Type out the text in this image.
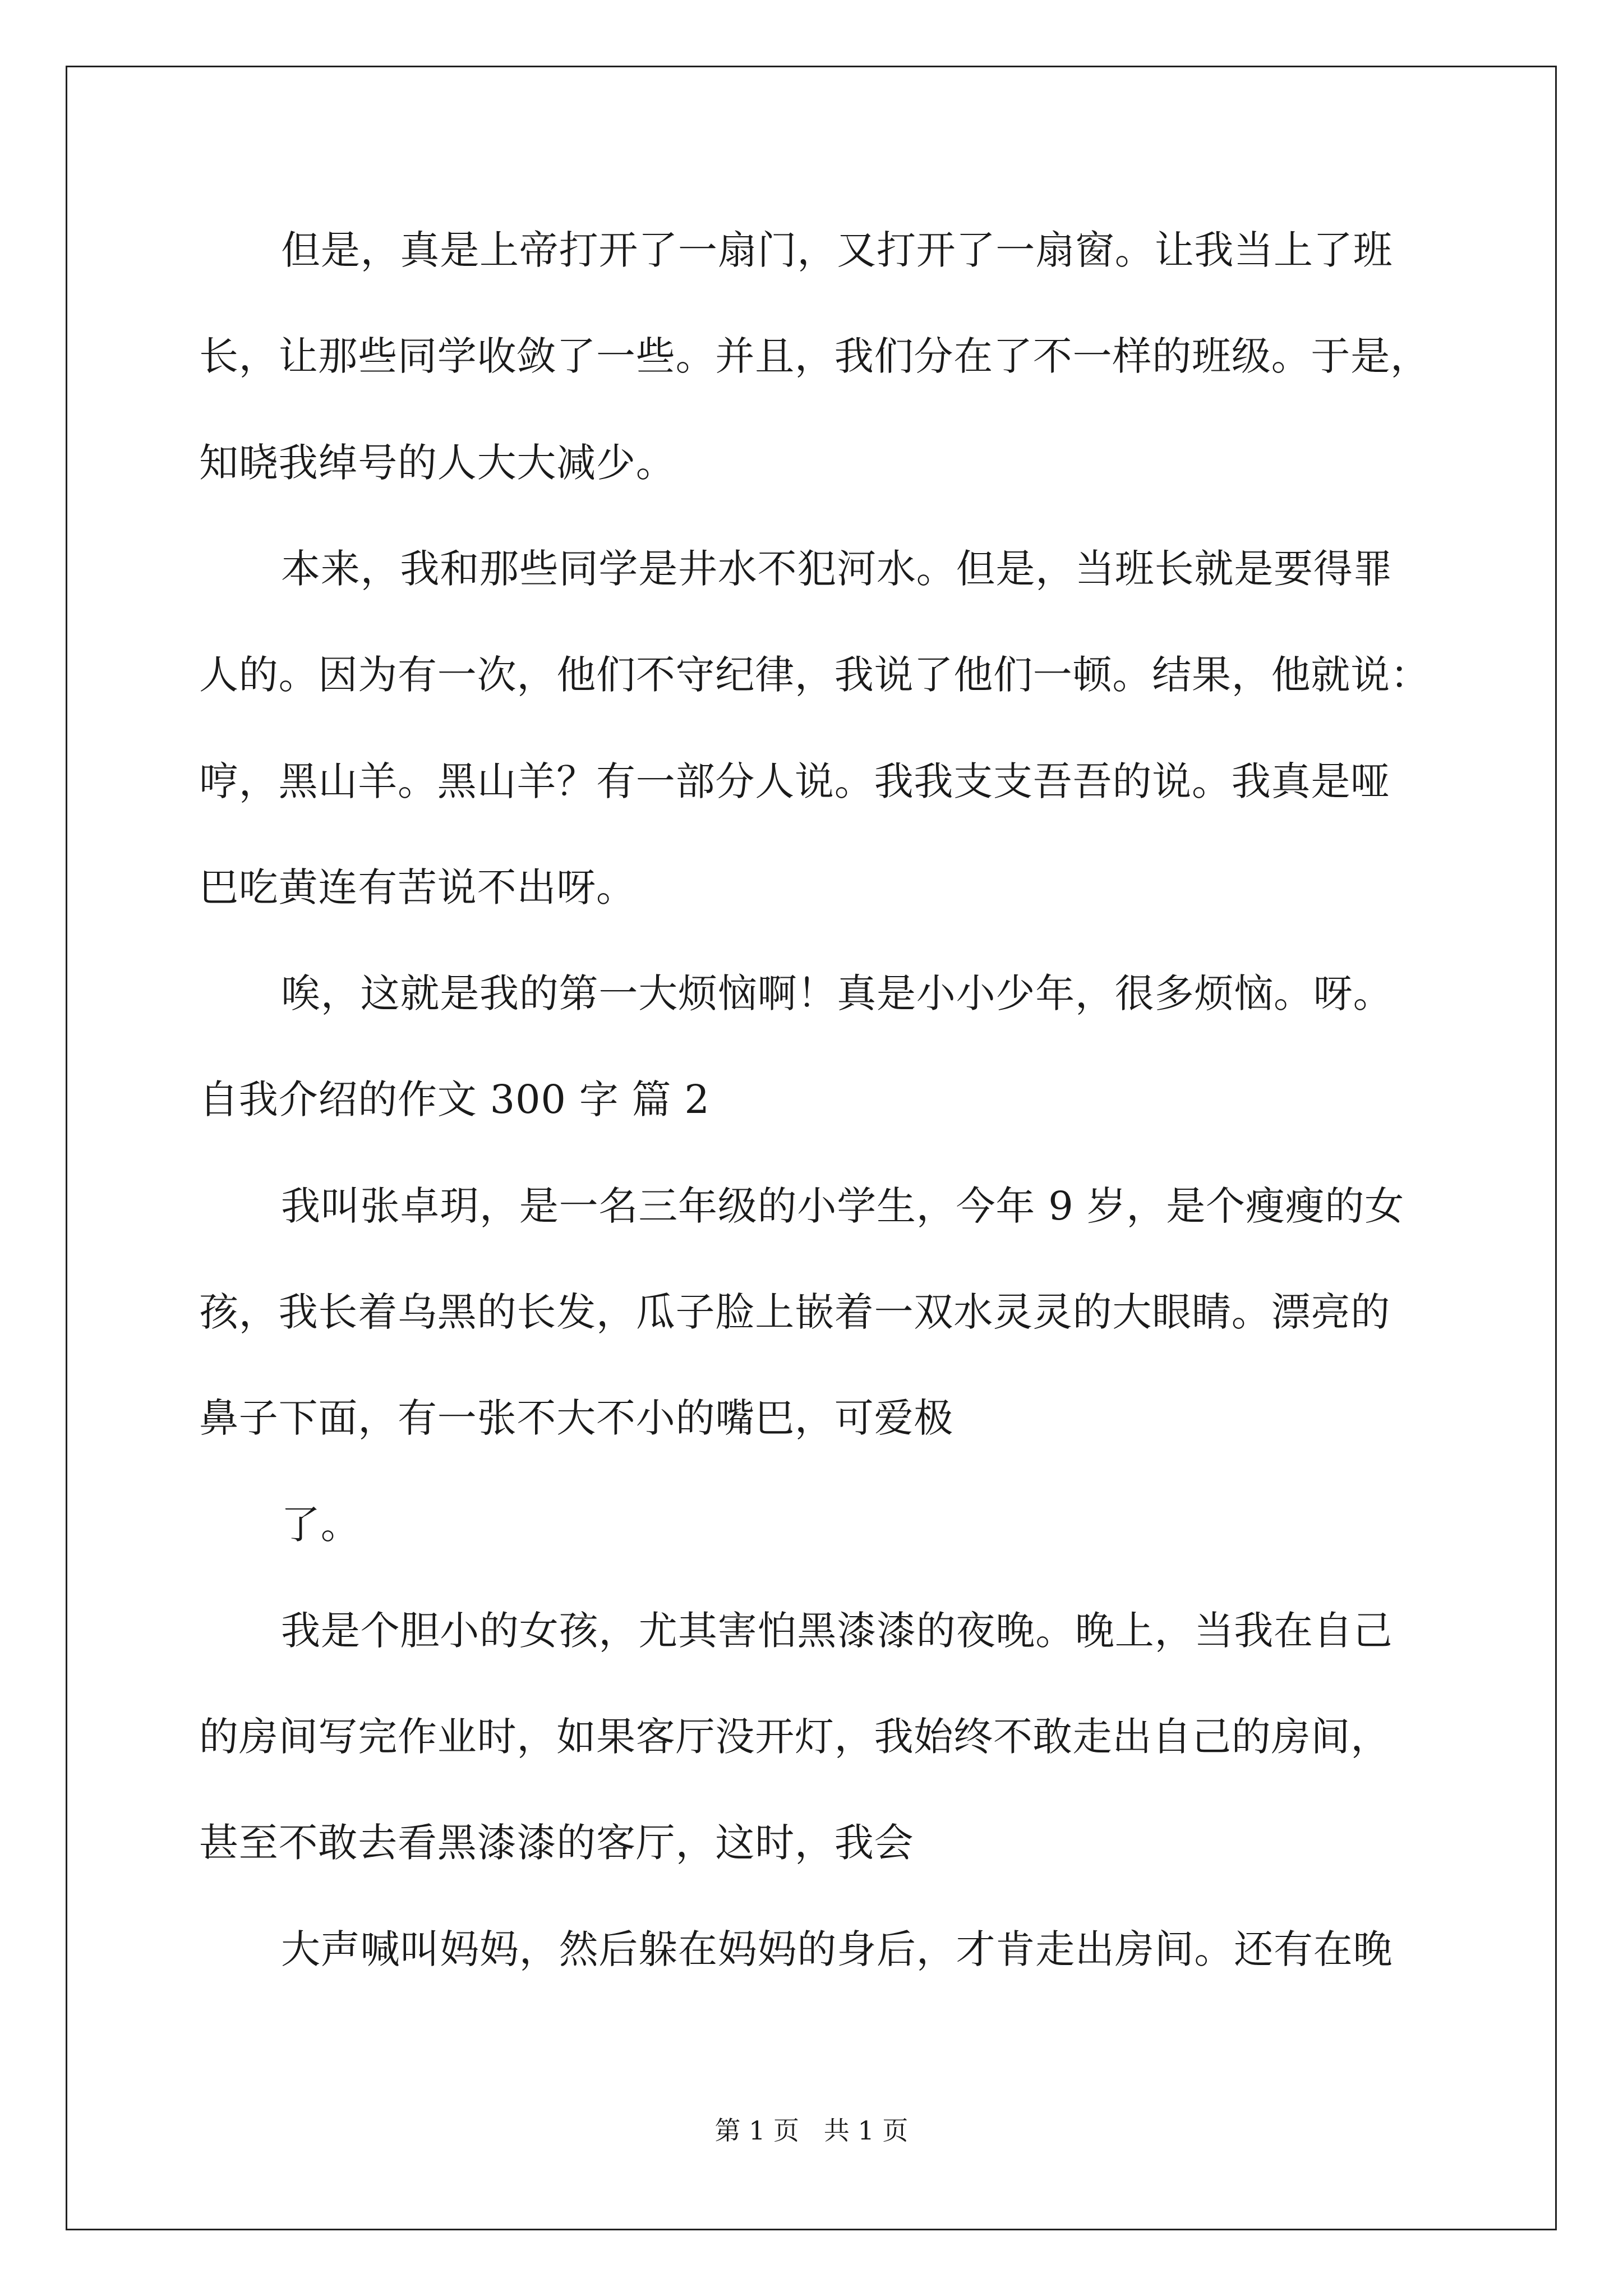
但是，真是上帝打开了一扇门，又打开了一扇窗。让我当上了班
长，让那些同学收敛了一些。并且，我们分在了不一样的班级。于是，
知晓我绰号的人大大减少。
本来，我和那些同学是井水不犯河水。但是，当班长就是要得罪
人的。因为有一次，他们不守纪律，我说了他们一顿。结果，他就说：
哼，黑山羊。黑山羊？有一部分人说。我我支支吾吾的说。我真是哑
巴吃黄连有苦说不出呀。
唉，这就是我的第一大烦恼啊！真是小小少年，很多烦恼。呀。
自我介绍的作文 300 字 篇 2
我叫张卓玥，是一名三年级的小学生，今年 9 岁，是个瘦瘦的女
孩，我长着乌黑的长发，瓜子脸上嵌着一双水灵灵的大眼睛。漂亮的
鼻子下面，有一张不大不小的嘴巴，可爱极
了。
我是个胆小的女孩，尤其害怕黑漆漆的夜晚。晚上，当我在自己
的房间写完作业时，如果客厅没开灯，我始终不敢走出自己的房间，
甚至不敢去看黑漆漆的客厅，这时，我会
大声喊叫妈妈，然后躲在妈妈的身后，才肯走出房间。还有在晚
第 1 页   共 1 页
